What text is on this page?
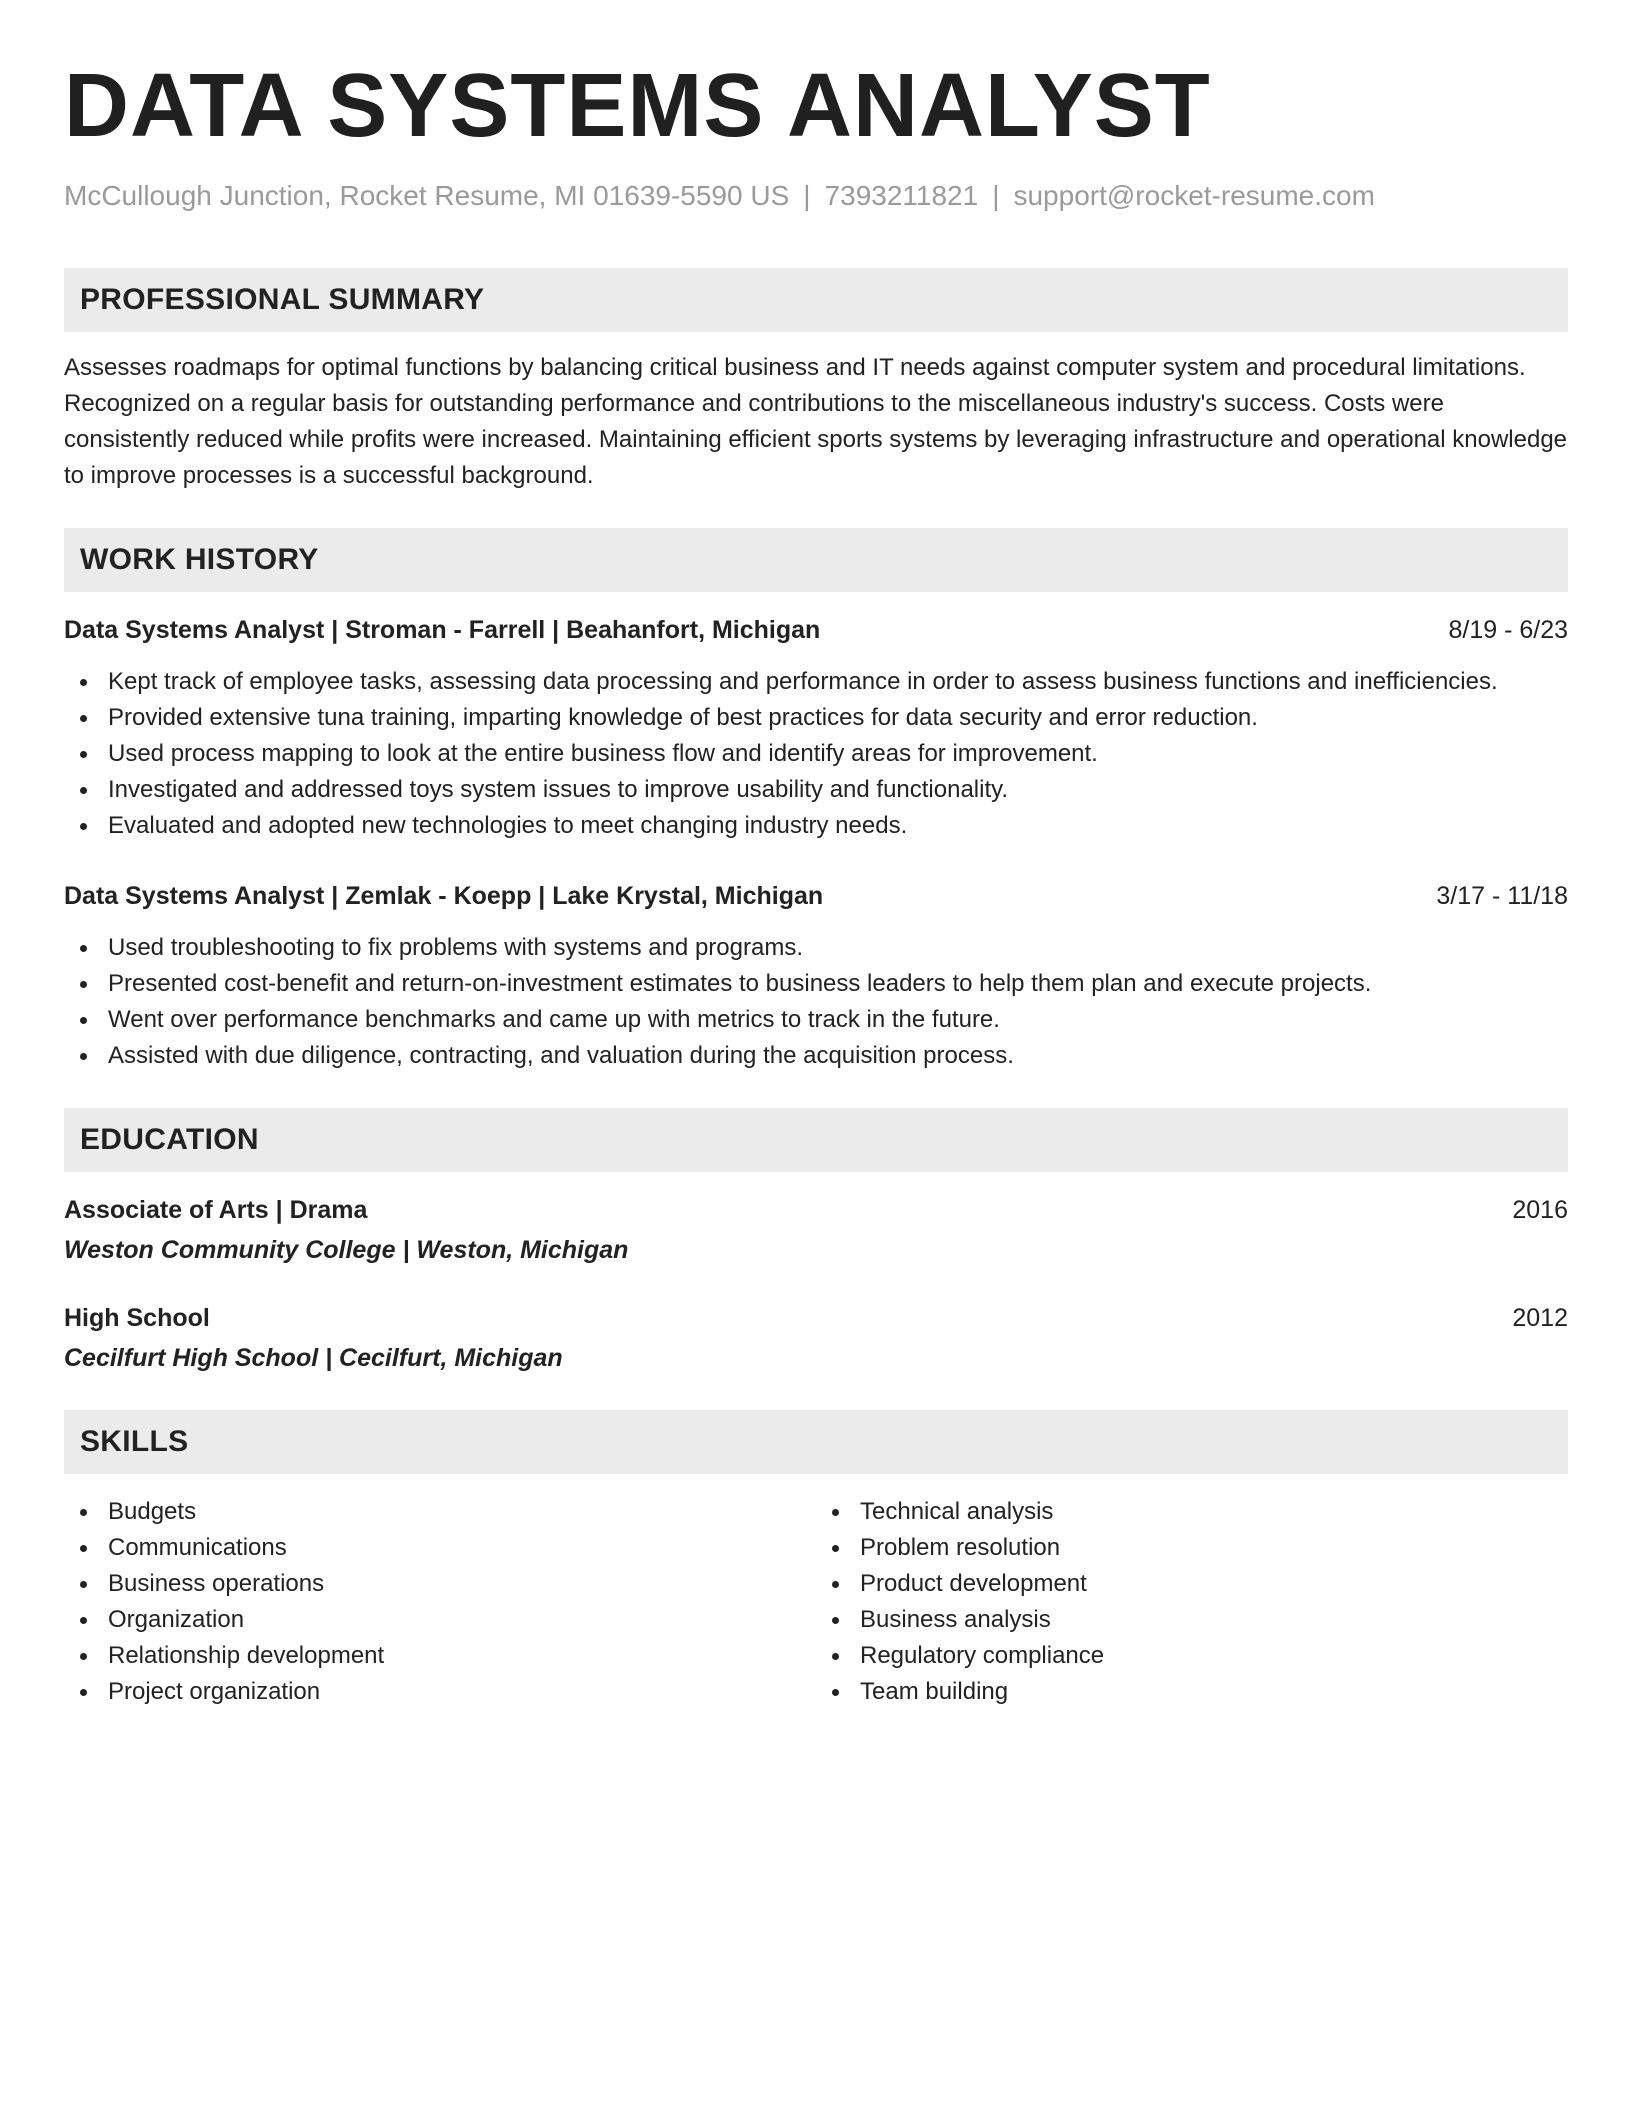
DATA SYSTEMS ANALYST
McCullough Junction, Rocket Resume, MI 01639-5590 US | 7393211821 | support@rocket-resume.com
PROFESSIONAL SUMMARY

Assesses roadmaps for optimal functions by balancing critical business and IT needs against computer system and procedural limitations. Recognized on a regular basis for outstanding performance and contributions to the miscellaneous industry's success. Costs were consistently reduced while profits were increased. Maintaining efficient sports systems by leveraging infrastructure and operational knowledge to improve processes is a successful background.

WORK HISTORY
Data Systems Analyst | Stroman - Farrell | Beahanfort, Michigan	8/19 - 6/23
Kept track of employee tasks, assessing data processing and performance in order to assess business functions and inefficiencies.
Provided extensive tuna training, imparting knowledge of best practices for data security and error reduction.
Used process mapping to look at the entire business flow and identify areas for improvement.
Investigated and addressed toys system issues to improve usability and functionality.
Evaluated and adopted new technologies to meet changing industry needs.
Data Systems Analyst | Zemlak - Koepp | Lake Krystal, Michigan	3/17 - 11/18
Used troubleshooting to fix problems with systems and programs.
Presented cost-benefit and return-on-investment estimates to business leaders to help them plan and execute projects.
Went over performance benchmarks and came up with metrics to track in the future.
Assisted with due diligence, contracting, and valuation during the acquisition process.
EDUCATION
Associate of Arts | Drama	2016
Weston Community College | Weston, Michigan
High School	2012
Cecilfurt High School | Cecilfurt, Michigan
SKILLS
Budgets
Communications
Business operations
Organization
Relationship development
Project organization
Technical analysis
Problem resolution
Product development
Business analysis
Regulatory compliance
Team building
